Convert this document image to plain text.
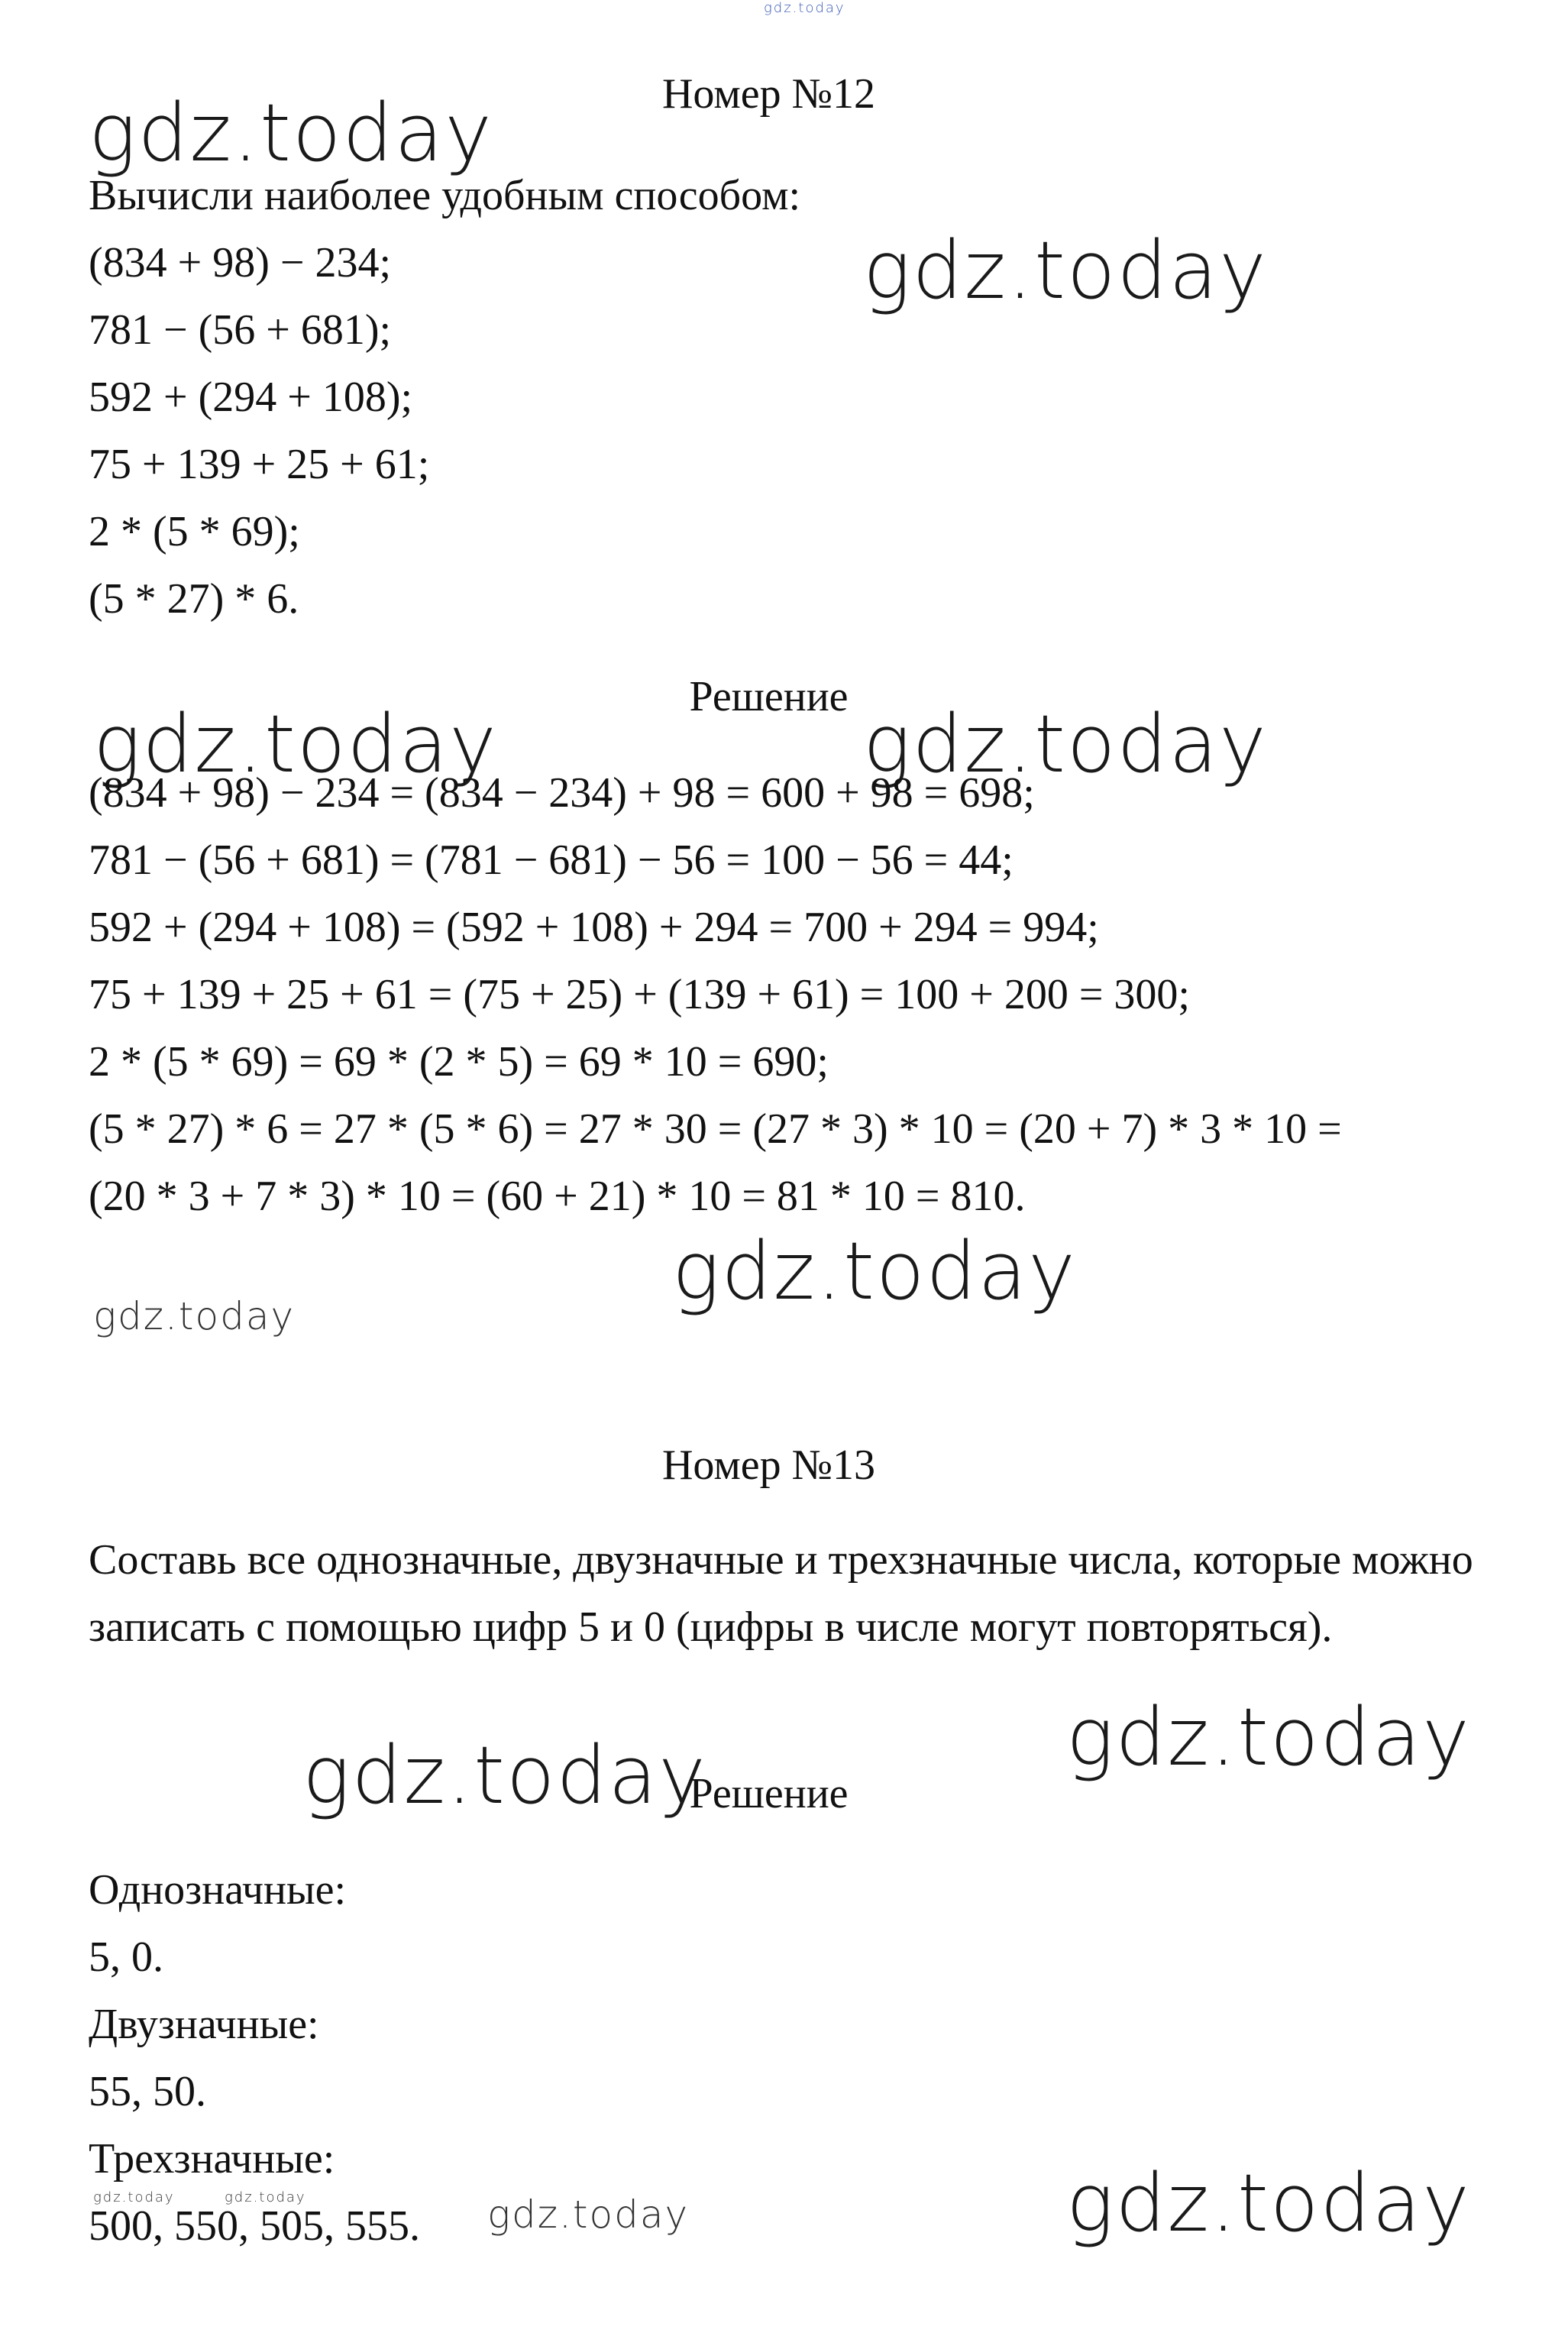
gdz.today
gdz.today
gdz.today
gdz.today	gdz.today
gdz.today
gdz.today
gdz.today
gdz.today
gdz.today
gdz.today
gdz.today	gdz.today
Номер №12
Вычисли наиболее удобным способом:
(834 + 98) − 234;
781 − (56 + 681);
592 + (294 + 108);
75 + 139 + 25 + 61;
2 * (5 * 69);
(5 * 27) * 6.
Решение
(834 + 98) − 234 = (834 − 234) + 98 = 600 + 98 = 698;
781 − (56 + 681) = (781 − 681) − 56 = 100 − 56 = 44;
592 + (294 + 108) = (592 + 108) + 294 = 700 + 294 = 994;
75 + 139 + 25 + 61 = (75 + 25) + (139 + 61) = 100 + 200 = 300;
2 * (5 * 69) = 69 * (2 * 5) = 69 * 10 = 690;
(5 * 27) * 6 = 27 * (5 * 6) = 27 * 30 = (27 * 3) * 10 = (20 + 7) * 3 * 10 =
(20 * 3 + 7 * 3) * 10 = (60 + 21) * 10 = 81 * 10 = 810.
Номер №13
Составь все однозначные, двузначные и трехзначные числа, которые можно записать с помощью цифр 5 и 0 (цифры в числе могут повторяться).
Решение
Однозначные:
5, 0.
Двузначные:
55, 50.
Трехзначные:
500, 550, 505, 555.
